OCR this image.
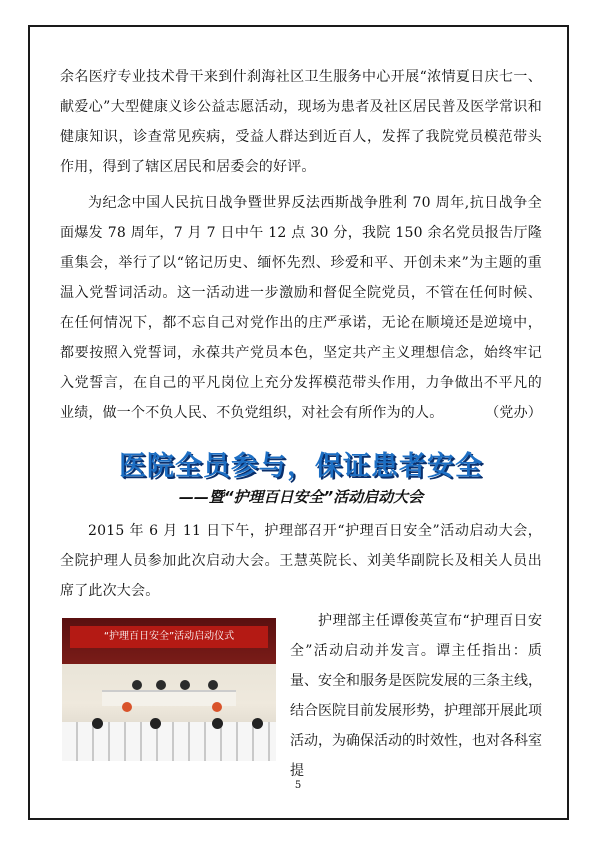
余名医疗专业技术骨干来到什刹海社区卫生服务中心开展“浓情夏日庆七一、献爱心”大型健康义诊公益志愿活动，现场为患者及社区居民普及医学常识和健康知识，诊查常见疾病，受益人群达到近百人，发挥了我院党员模范带头作用，得到了辖区居民和居委会的好评。

为纪念中国人民抗日战争暨世界反法西斯战争胜利 70 周年,抗日战争全面爆发 78 周年，7 月 7 日中午 12 点 30 分，我院 150 余名党员报告厅隆重集会，举行了以“铭记历史、缅怀先烈、珍爱和平、开创未来”为主题的重温入党誓词活动。这一活动进一步激励和督促全院党员，不管在任何时候、在任何情况下，都不忘自己对党作出的庄严承诺，无论在顺境还是逆境中，都要按照入党誓词，永葆共产党员本色，坚定共产主义理想信念，始终牢记入党誓言，在自己的平凡岗位上充分发挥模范带头作用，力争做出不平凡的业绩，做一个不负人民、不负党组织，对社会有所作为的人。	（党办）

医院全员参与，保证患者安全
——暨“护理百日安全”活动启动大会

2015 年 6 月 11 日下午，护理部召开“护理百日安全”活动启动大会，全院护理人员参加此次启动大会。王慧英院长、刘美华副院长及相关人员出席了此次大会。

“护理百日安全”活动启动仪式

护理部主任谭俊英宣布“护理百日安全”活动启动并发言。谭主任指出：质量、安全和服务是医院发展的三条主线，结合医院目前发展形势，护理部开展此项活动，为确保活动的时效性，也对各科室提

5
